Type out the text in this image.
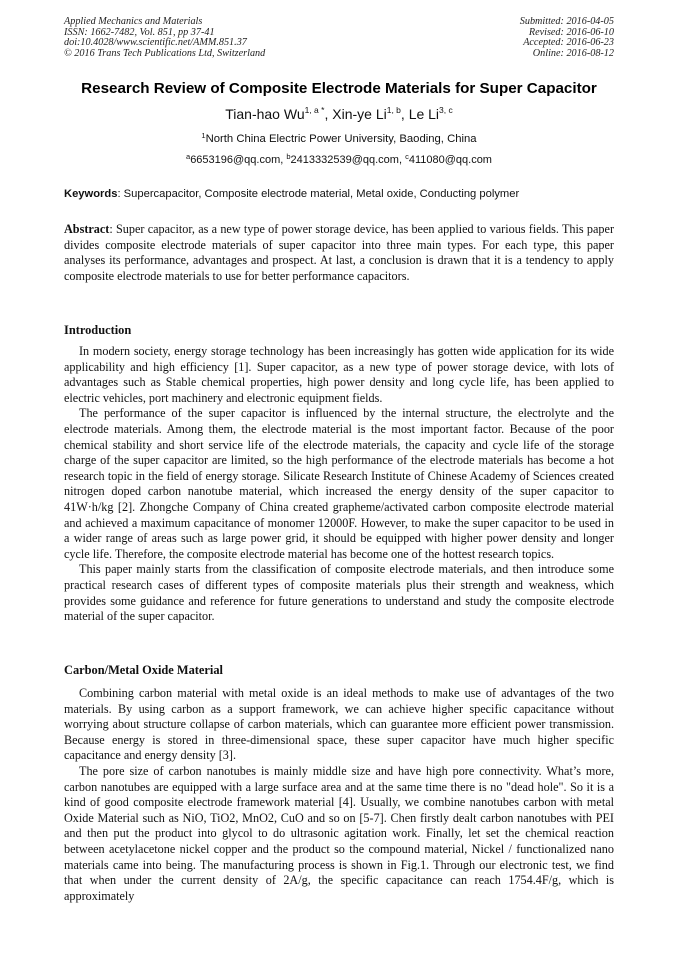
Applied Mechanics and Materials
ISSN: 1662-7482, Vol. 851, pp 37-41
doi:10.4028/www.scientific.net/AMM.851.37
© 2016 Trans Tech Publications Ltd, Switzerland
Submitted: 2016-04-05
Revised: 2016-06-10
Accepted: 2016-06-23
Online: 2016-08-12
Research Review of Composite Electrode Materials for Super Capacitor
Tian-hao $Wu^{1, a *}$, Xin-ye Li$^{1, b}$, Le Li$^{3, c}$
$^1$North China Electric Power University, Baoding, China
$^a$6653196@qq.com, $^b$2413332539@qq.com, $^c$411080@qq.com
Keywords: Supercapacitor, Composite electrode material, Metal oxide, Conducting polymer

Abstract: Super capacitor, as a new type of power storage device, has been applied to various fields. This paper divides composite electrode materials of super capacitor into three main types. For each type, this paper analyses its performance, advantages and prospect. At last, a conclusion is drawn that it is a tendency to apply composite electrode materials to use for better performance capacitors.

Introduction

In modern society, energy storage technology has been increasingly has gotten wide application for its wide applicability and high efficiency [1]. Super capacitor, as a new type of power storage device, with lots of advantages such as Stable chemical properties, high power density and long cycle life, has been applied to electric vehicles, port machinery and electronic equipment fields.

The performance of the super capacitor is influenced by the internal structure, the electrolyte and the electrode materials. Among them, the electrode material is the most important factor. Because of the poor chemical stability and short service life of the electrode materials, the capacity and cycle life of the storage charge of the super capacitor are limited, so the high performance of the electrode materials has become a hot research topic in the field of energy storage. Silicate Research Institute of Chinese Academy of Sciences created nitrogen doped carbon nanotube material, which increased the energy density of the super capacitor to 41W·h/kg [2]. Zhongche Company of China created grapheme/activated carbon composite electrode material and achieved a maximum capacitance of monomer 12000F. However, to make the super capacitor to be used in a wider range of areas such as large power grid, it should be equipped with higher power density and longer cycle life. Therefore, the composite electrode material has become one of the hottest research topics.

This paper mainly starts from the classification of composite electrode materials, and then introduce some practical research cases of different types of composite materials plus their strength and weakness, which provides some guidance and reference for future generations to understand and study the composite electrode material of the super capacitor.

Carbon/Metal Oxide Material

Combining carbon material with metal oxide is an ideal methods to make use of advantages of the two materials. By using carbon as a support framework, we can achieve higher specific capacitance without worrying about structure collapse of carbon materials, which can guarantee more efficient power transmission. Because energy is stored in three-dimensional space, these super capacitor have much higher specific capacitance and energy density [3].

The pore size of carbon nanotubes is mainly middle size and have high pore connectivity. What’s more, carbon nanotubes are equipped with a large surface area and at the same time there is no "dead hole". So it is a kind of good composite electrode framework material [4]. Usually, we combine nanotubes carbon with metal Oxide Material such as NiO, TiO2, MnO2, CuO and so on [5-7]. Chen firstly dealt carbon nanotubes with PEI and then put the product into glycol to do ultrasonic agitation work. Finally, let set the chemical reaction between acetylacetone nickel copper and the product so the compound material, Nickel / functionalized nano materials came into being. The manufacturing process is shown in Fig.1. Through our electronic test, we find that when under the current density of 2A/g, the specific capacitance can reach 1754.4F/g, which is approximately
